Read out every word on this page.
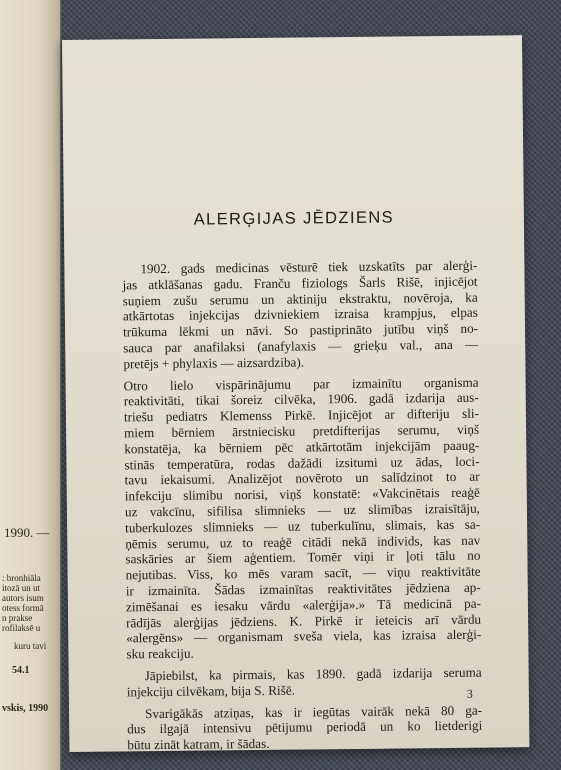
1990. —
: bronhiāla
itozā un ut
autors isum
otess formā
n prakse
rofilaksē u
kuru tavi
54.1
vskis, 1990
ALERĢIJAS JĒDZIENS
1902. gads medicinas vēsturē tiek uzskatīts par alerģi-
jas atklāšanas gadu. Franču fiziologs Šarls Rišē, injicējot
suņiem zušu serumu un aktiniju ekstraktu, novēroja, ka
atkārtotas injekcijas dzivniekiem izraisa krampjus, elpas
trūkuma lēkmi un nāvi. So pastiprināto jutību viņš no-
sauca par anafilaksi (anafylaxis — grieķu val., ana —
pretējs + phylaxis — aizsardziba).
Otro lielo vispārinājumu par izmainītu organisma
reaktivitāti, tikai šoreiz cilvēka, 1906. gadā izdarija aus-
triešu pediatrs Klemenss Pirkē. Injicējot ar difteriju sli-
miem bērniem ārstniecisku pretdifterijas serumu, viņš
konstatēja, ka bērniem pēc atkārtotām injekcijām paaug-
stinās temperatūra, rodas dažādi izsitumi uz ādas, loci-
tavu iekaisumi. Analizējot novēroto un salīdzinot to ar
infekciju slimibu norisi, viņš konstatē: «Vakcinētais reaģē
uz vakcīnu, sifilisa slimnieks — uz slimības izraisītāju,
tuberkulozes slimnieks — uz tuberkulīnu, slimais, kas sa-
ņēmis serumu, uz to reaģē citādi nekā individs, kas nav
saskāries ar šiem aģentiem. Tomēr viņi ir ļoti tālu no
nejutibas. Viss, ko mēs varam sacīt, — viņu reaktivitāte
ir izmainīta. Šādas izmainītas reaktivitātes jēdziena ap-
zimēšanai es iesaku vārdu «alerģija».» Tā medicinā pa-
rādījās alerģijas jēdziens. K. Pirkē ir ieteicis arī vārdu
«alergēns» — organismam sveša viela, kas izraisa alerģi-
sku reakciju.
Jāpiebilst, ka pirmais, kas 1890. gadā izdarija seruma
injekciju cilvēkam, bija S. Rišē.
Svarigākās atziņas, kas ir iegūtas vairāk nekā 80 ga-
dus ilgajā intensivu pētijumu periodā un ko lietderigi
būtu zināt katram, ir šādas.
3
